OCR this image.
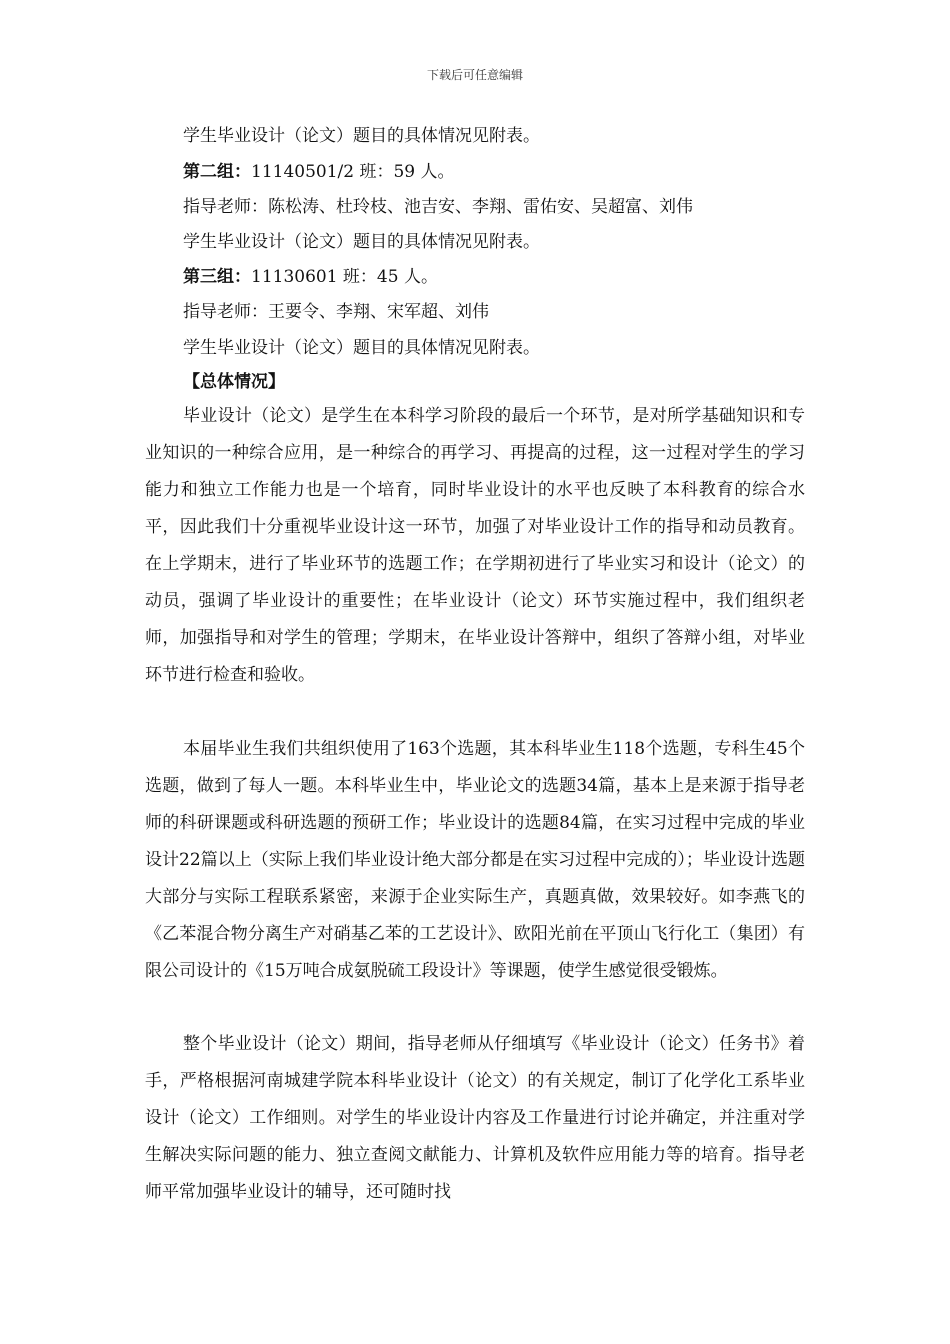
下载后可任意编辑
学生毕业设计（论文）题目的具体情况见附表。
第二组：11140501/2 班：59 人。
指导老师：陈松涛、杜玲枝、池吉安、李翔、雷佑安、吴超富、刘伟
学生毕业设计（论文）题目的具体情况见附表。
第三组：11130601 班：45 人。
指导老师：王要令、李翔、宋军超、刘伟
学生毕业设计（论文）题目的具体情况见附表。
【总体情况】
毕业设计（论文）是学生在本科学习阶段的最后一个环节，是对所学基础知识和专业知识的一种综合应用，是一种综合的再学习、再提高的过程，这一过程对学生的学习能力和独立工作能力也是一个培育，同时毕业设计的水平也反映了本科教育的综合水平，因此我们十分重视毕业设计这一环节，加强了对毕业设计工作的指导和动员教育。在上学期末，进行了毕业环节的选题工作；在学期初进行了毕业实习和设计（论文）的动员，强调了毕业设计的重要性；在毕业设计（论文）环节实施过程中，我们组织老师，加强指导和对学生的管理；学期末，在毕业设计答辩中，组织了答辩小组，对毕业环节进行检查和验收。
本届毕业生我们共组织使用了163个选题，其本科毕业生118个选题，专科生45个选题，做到了每人一题。本科毕业生中，毕业论文的选题34篇，基本上是来源于指导老师的科研课题或科研选题的预研工作；毕业设计的选题84篇，在实习过程中完成的毕业设计22篇以上（实际上我们毕业设计绝大部分都是在实习过程中完成的）；毕业设计选题大部分与实际工程联系紧密，来源于企业实际生产，真题真做，效果较好。如李燕飞的《乙苯混合物分离生产对硝基乙苯的工艺设计》、欧阳光前在平顶山飞行化工（集团）有限公司设计的《15万吨合成氨脱硫工段设计》等课题，使学生感觉很受锻炼。
整个毕业设计（论文）期间，指导老师从仔细填写《毕业设计（论文）任务书》着手，严格根据河南城建学院本科毕业设计（论文）的有关规定，制订了化学化工系毕业设计（论文）工作细则。对学生的毕业设计内容及工作量进行讨论并确定，并注重对学生解决实际问题的能力、独立查阅文献能力、计算机及软件应用能力等的培育。指导老师平常加强毕业设计的辅导，还可随时找
